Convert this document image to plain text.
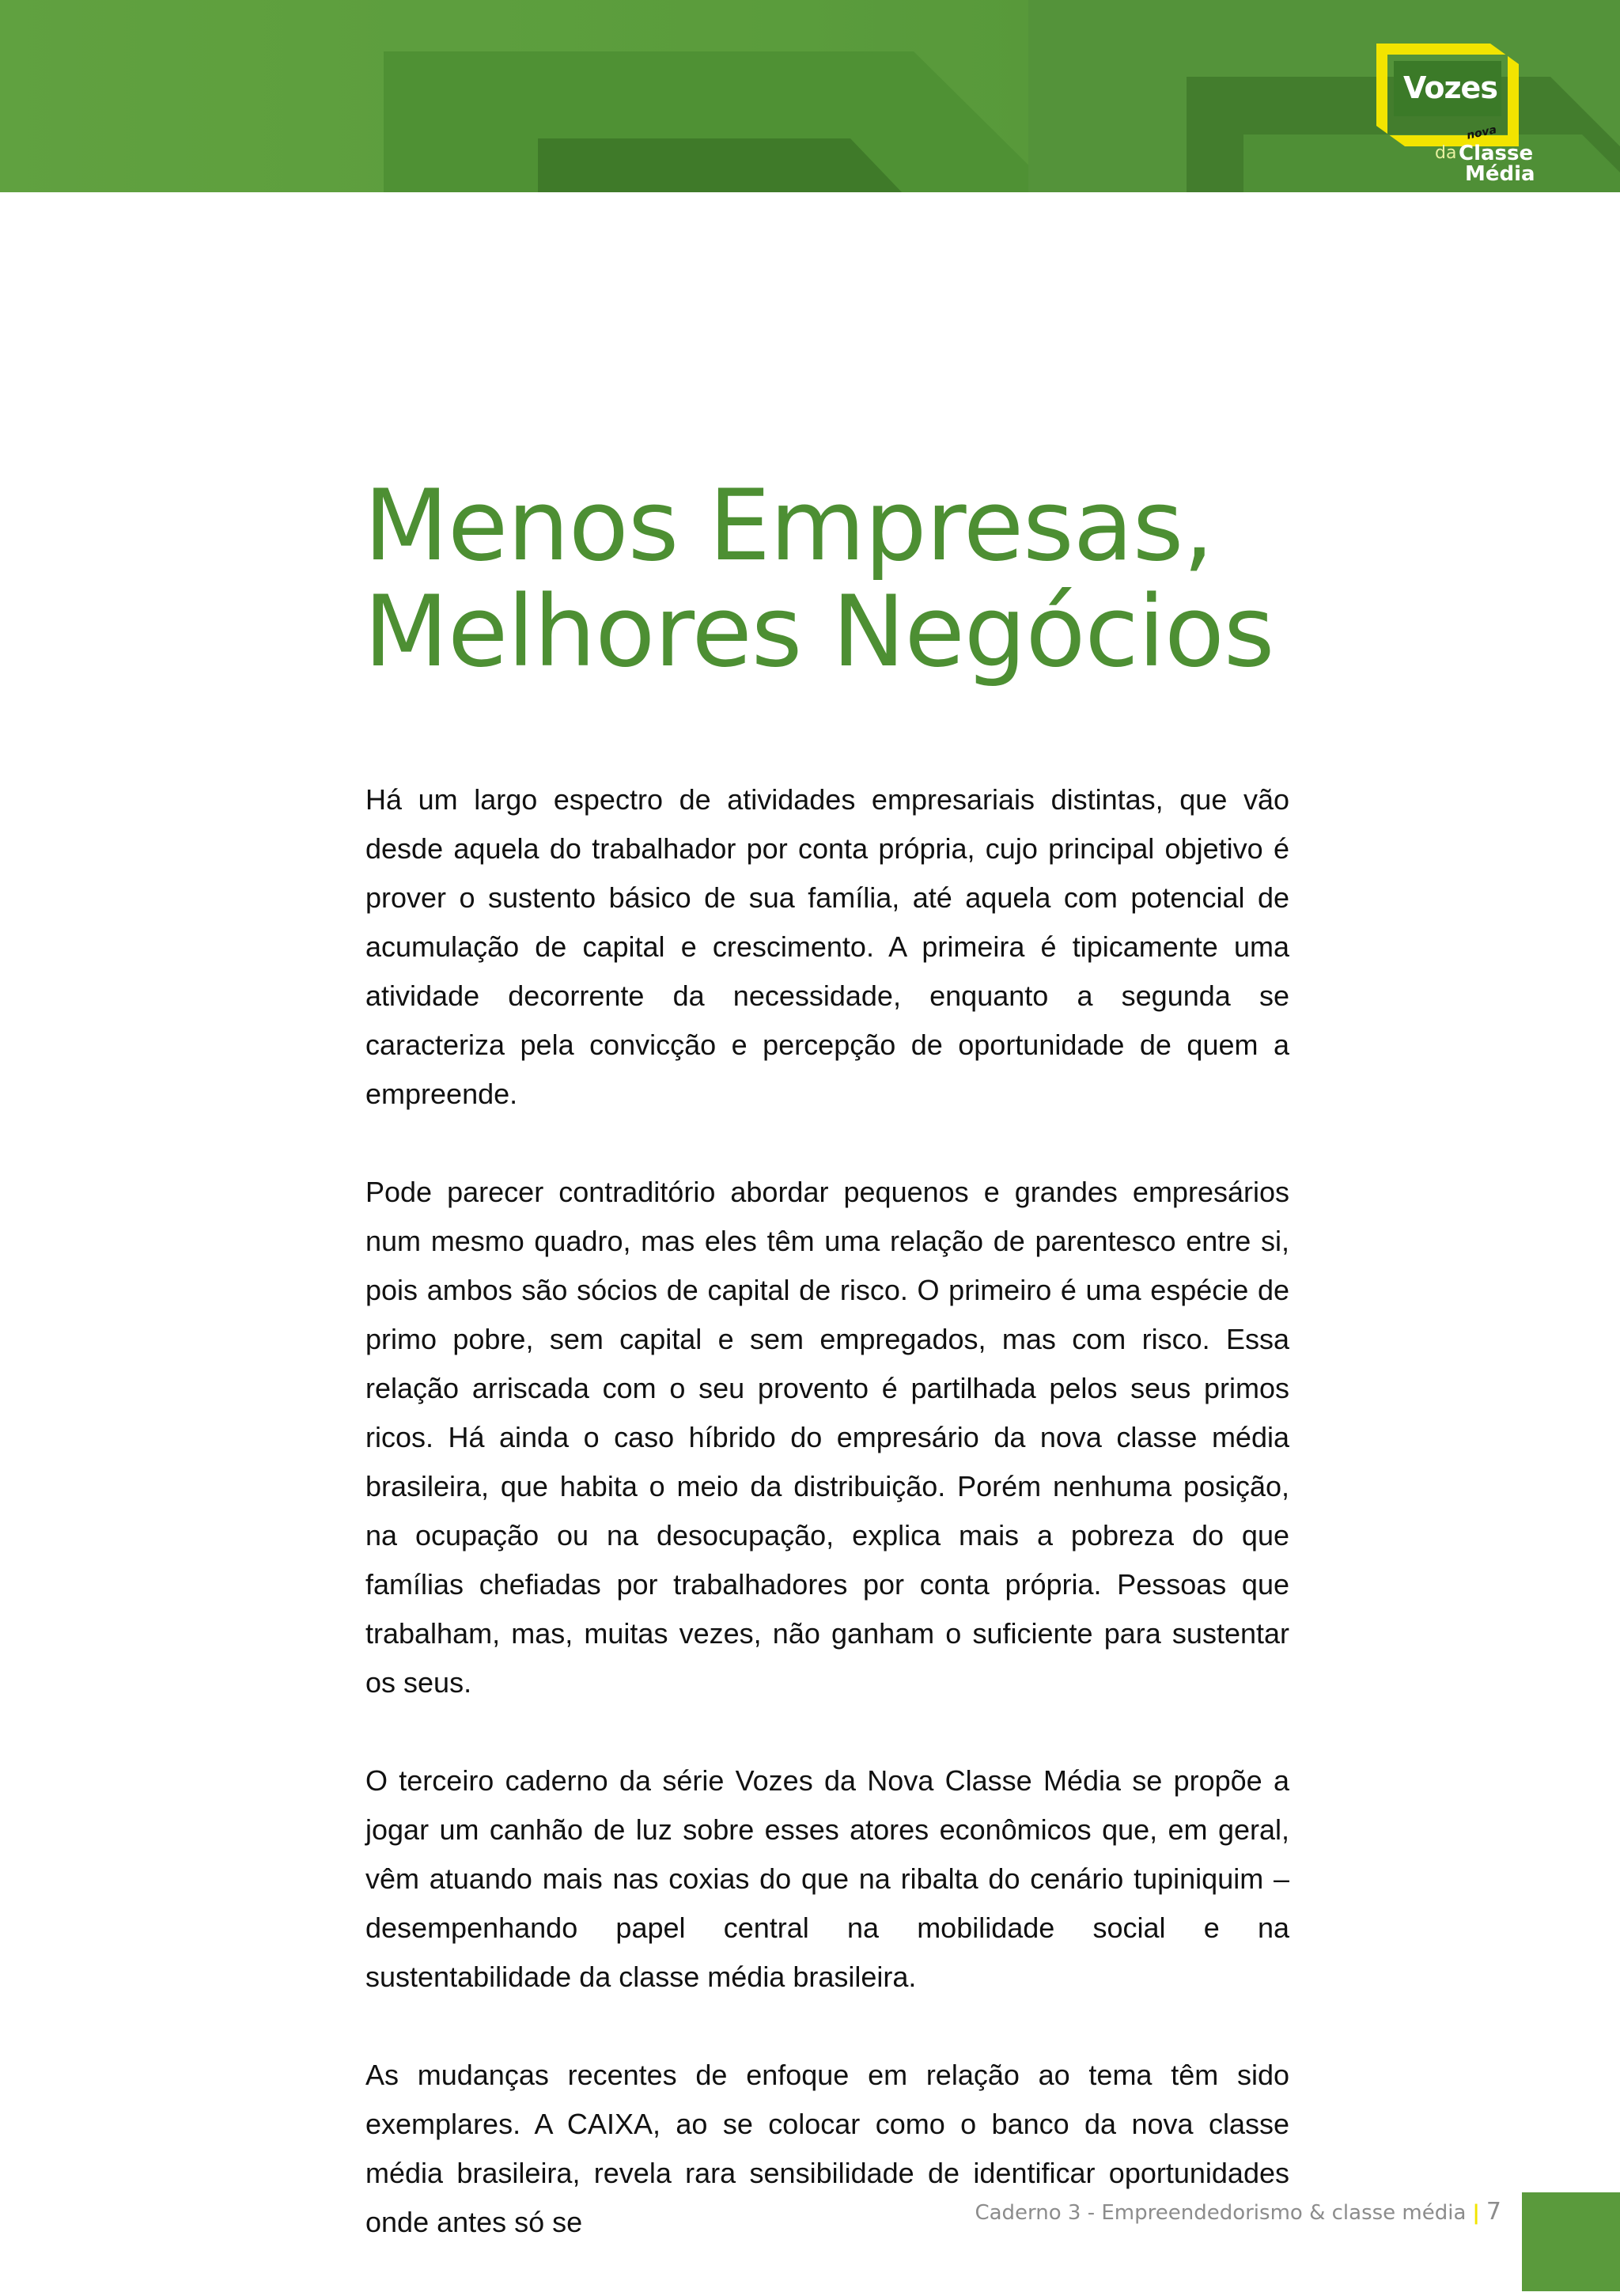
Vozes
nova
da Classe
Média
Menos Empresas,
Melhores Negócios

Há um largo espectro de atividades empresariais distintas, que vão desde aquela do trabalhador por conta própria, cujo principal objetivo é prover o sustento básico de sua família, até aquela com potencial de acumulação de capital e crescimento. A primeira é tipicamente uma atividade decorrente da necessidade, enquanto a segunda se caracteriza pela convicção e percepção de oportunidade de quem a empreende.

Pode parecer contraditório abordar pequenos e grandes empresários num mesmo quadro, mas eles têm uma relação de parentesco entre si, pois ambos são sócios de capital de risco. O primeiro é uma espécie de primo pobre, sem capital e sem empregados, mas com risco. Essa relação arriscada com o seu provento é partilhada pelos seus primos ricos. Há ainda o caso híbrido do empresário da nova classe média brasileira, que habita o meio da distribuição. Porém nenhuma posição, na ocupação ou na desocupação, explica mais a pobreza do que famílias chefiadas por trabalhadores por conta própria. Pessoas que trabalham, mas, muitas vezes, não ganham o suficiente para sustentar os seus.

O terceiro caderno da série Vozes da Nova Classe Média se propõe a jogar um canhão de luz sobre esses atores econômicos que, em geral, vêm atuando mais nas coxias do que na ribalta do cenário tupiniquim – desempenhando papel central na mobilidade social e na sustentabilidade da classe média brasileira.

As mudanças recentes de enfoque em relação ao tema têm sido exemplares. A CAIXA, ao se colocar como o banco da nova classe média brasileira, revela rara sensibilidade de identificar oportunidades onde antes só se	Caderno 3 - Empreendedorismo & classe média | 7
